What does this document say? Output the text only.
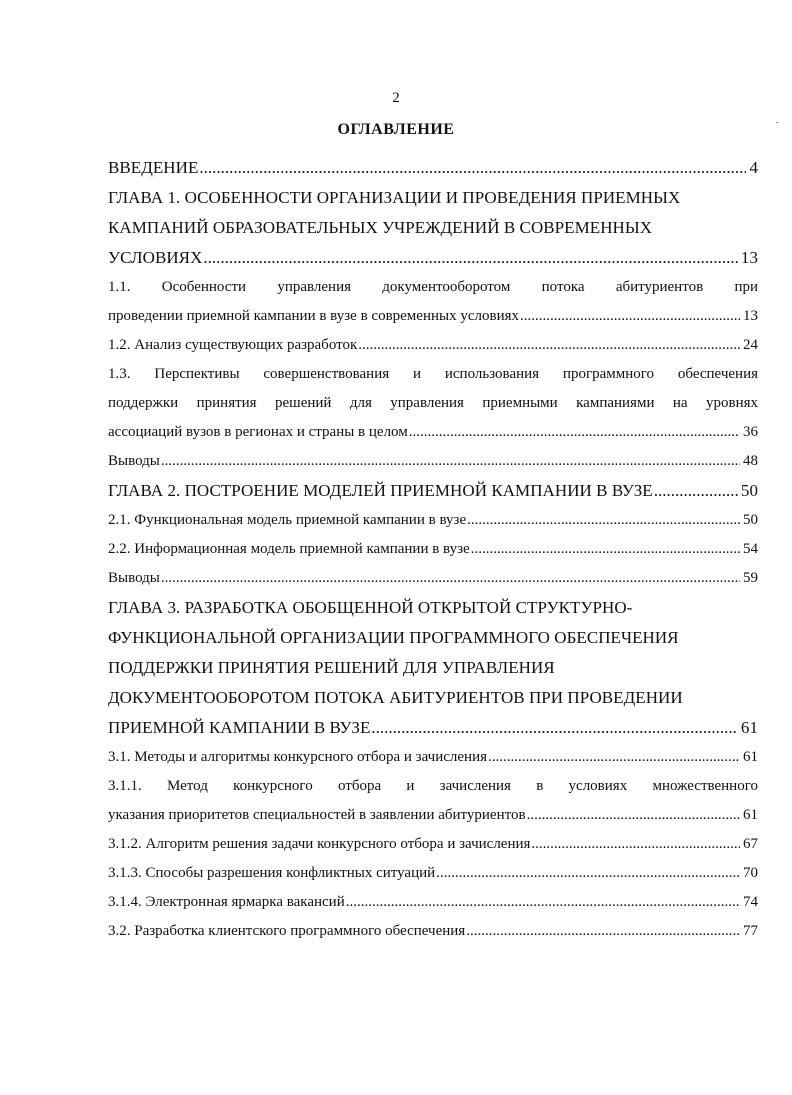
2
ОГЛАВЛЕНИЕ
ВВЕДЕНИЕ .....	4
ГЛАВА 1. ОСОБЕННОСТИ ОРГАНИЗАЦИИ И ПРОВЕДЕНИЯ ПРИЕМНЫХ
КАМПАНИЙ ОБРАЗОВАТЕЛЬНЫХ УЧРЕЖДЕНИЙ В СОВРЕМЕННЫХ
УСЛОВИЯХ .....	13
1.1. Особенности управления документооборотом потока абитуриентов при
проведении приемной кампании в вузе в современных условиях .....	13
1.2. Анализ существующих разработок .....	24
1.3. Перспективы совершенствования и использования программного обеспечения
поддержки принятия решений для управления приемными кампаниями на уровнях
ассоциаций вузов в регионах и страны в целом .....	36
Выводы .....	48
ГЛАВА 2. ПОСТРОЕНИЕ МОДЕЛЕЙ ПРИЕМНОЙ КАМПАНИИ В ВУЗЕ .....	50
2.1. Функциональная модель приемной кампании в вузе .....	50
2.2. Информационная модель приемной кампании в вузе .....	54
Выводы .....	59
ГЛАВА 3. РАЗРАБОТКА ОБОБЩЕННОЙ ОТКРЫТОЙ СТРУКТУРНО-
ФУНКЦИОНАЛЬНОЙ ОРГАНИЗАЦИИ ПРОГРАММНОГО ОБЕСПЕЧЕНИЯ
ПОДДЕРЖКИ ПРИНЯТИЯ РЕШЕНИЙ ДЛЯ УПРАВЛЕНИЯ
ДОКУМЕНТООБОРОТОМ ПОТОКА АБИТУРИЕНТОВ ПРИ ПРОВЕДЕНИИ
ПРИЕМНОЙ КАМПАНИИ В ВУЗЕ .....	61
3.1. Методы и алгоритмы конкурсного отбора и зачисления .....	61
3.1.1. Метод конкурсного отбора и зачисления в условиях множественного
указания приоритетов специальностей в заявлении абитуриентов .....	61
3.1.2. Алгоритм решения задачи конкурсного отбора и зачисления .....	67
3.1.3. Способы разрешения конфликтных ситуаций .....	70
3.1.4. Электронная ярмарка вакансий .....	74
3.2. Разработка клиентского программного обеспечения .....	77
